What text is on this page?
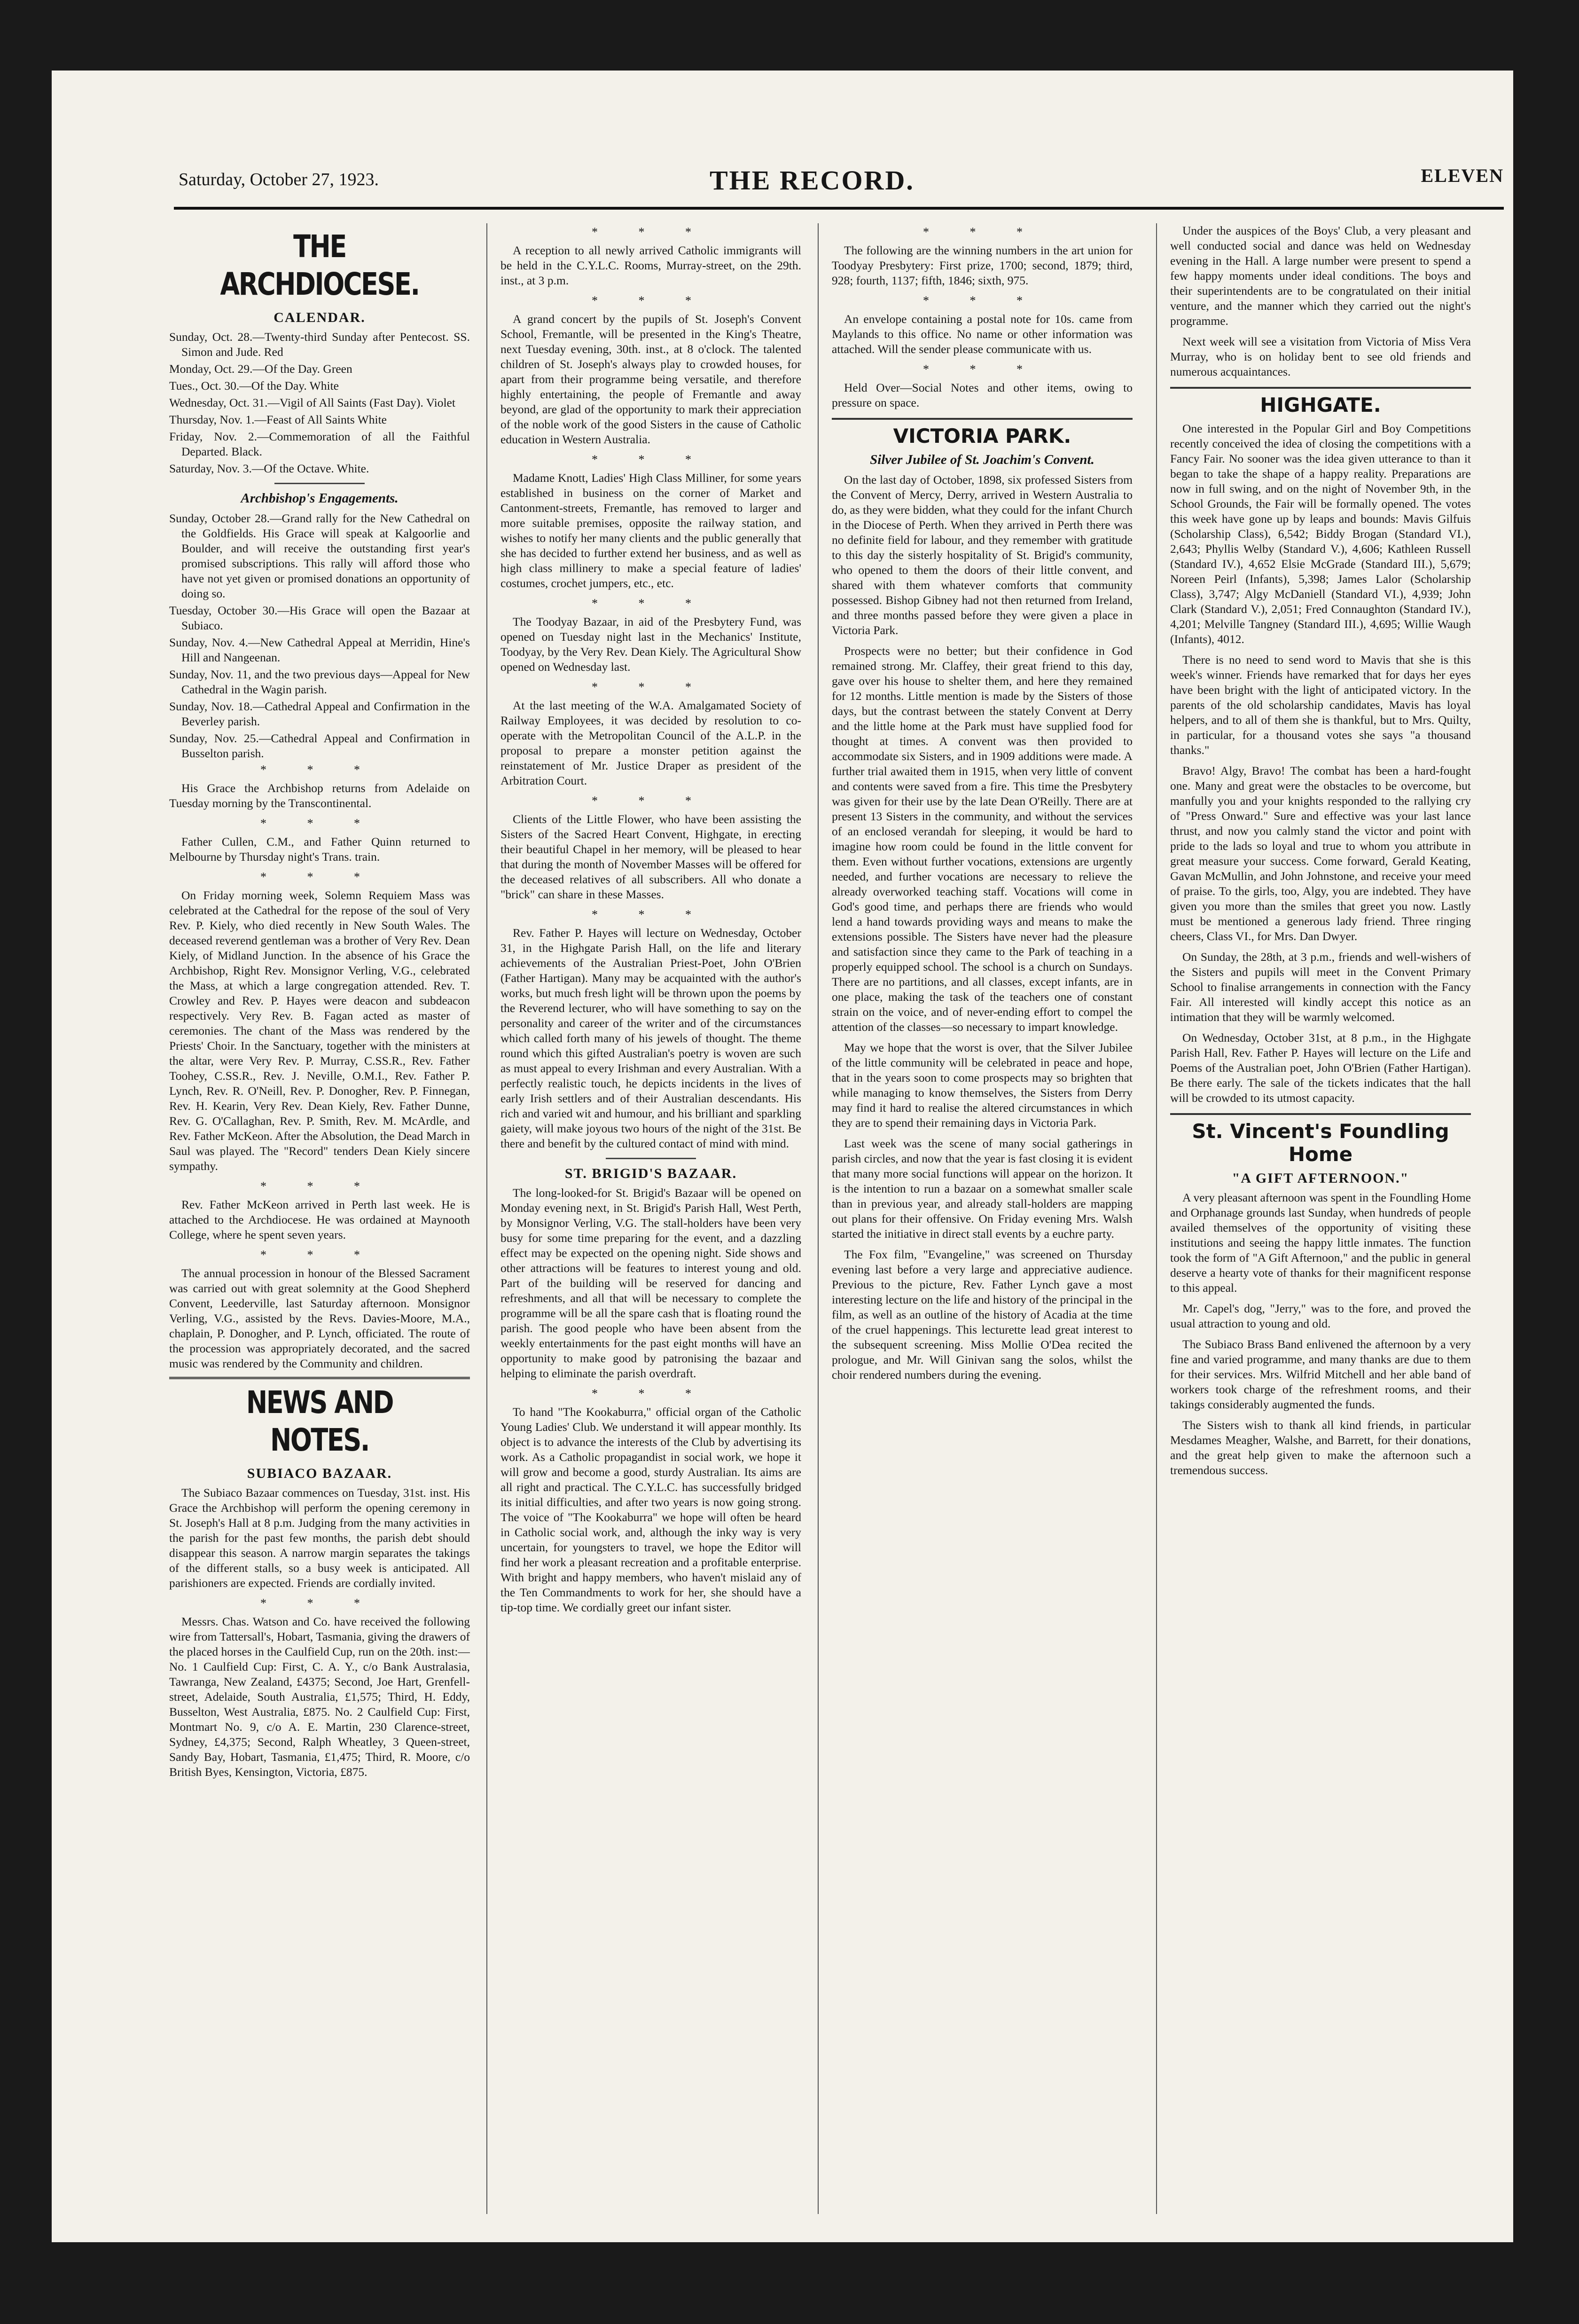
Saturday, October 27, 1923.	THE RECORD.	ELEVEN
THE ARCHDIOCESE.
CALENDAR.

Sunday, Oct. 28.—Twenty-third Sunday after Pentecost. SS. Simon and Jude. Red

Monday, Oct. 29.—Of the Day. Green

Tues., Oct. 30.—Of the Day. White

Wednesday, Oct. 31.—Vigil of All Saints (Fast Day). Violet

Thursday, Nov. 1.—Feast of All Saints White

Friday, Nov. 2.—Commemoration of all the Faithful Departed. Black.

Saturday, Nov. 3.—Of the Octave. White.

Archbishop's Engagements.

Sunday, October 28.—Grand rally for the New Cathedral on the Goldfields. His Grace will speak at Kalgoorlie and Boulder, and will receive the outstanding first year's promised subscriptions. This rally will afford those who have not yet given or promised donations an opportunity of doing so.

Tuesday, October 30.—His Grace will open the Bazaar at Subiaco.

Sunday, Nov. 4.—New Cathedral Appeal at Merridin, Hine's Hill and Nangeenan.

Sunday, Nov. 11, and the two previous days—Appeal for New Cathedral in the Wagin parish.

Sunday, Nov. 18.—Cathedral Appeal and Confirmation in the Beverley parish.

Sunday, Nov. 25.—Cathedral Appeal and Confirmation in Busselton parish.

* * *

His Grace the Archbishop returns from Adelaide on Tuesday morning by the Transcontinental.

* * *

Father Cullen, C.M., and Father Quinn returned to Melbourne by Thursday night's Trans. train.

* * *

On Friday morning week, Solemn Requiem Mass was celebrated at the Cathedral for the repose of the soul of Very Rev. P. Kiely, who died recently in New South Wales. The deceased reverend gentleman was a brother of Very Rev. Dean Kiely, of Midland Junction. In the absence of his Grace the Archbishop, Right Rev. Monsignor Verling, V.G., celebrated the Mass, at which a large congregation attended. Rev. T. Crowley and Rev. P. Hayes were deacon and subdeacon respectively. Very Rev. B. Fagan acted as master of ceremonies. The chant of the Mass was rendered by the Priests' Choir. In the Sanctuary, together with the ministers at the altar, were Very Rev. P. Murray, C.SS.R., Rev. Father Toohey, C.SS.R., Rev. J. Neville, O.M.I., Rev. Father P. Lynch, Rev. R. O'Neill, Rev. P. Donogher, Rev. P. Finnegan, Rev. H. Kearin, Very Rev. Dean Kiely, Rev. Father Dunne, Rev. G. O'Callaghan, Rev. P. Smith, Rev. M. McArdle, and Rev. Father McKeon. After the Absolution, the Dead March in Saul was played. The "Record" tenders Dean Kiely sincere sympathy.

* * *

Rev. Father McKeon arrived in Perth last week. He is attached to the Archdiocese. He was ordained at Maynooth College, where he spent seven years.

* * *

The annual procession in honour of the Blessed Sacrament was carried out with great solemnity at the Good Shepherd Convent, Leederville, last Saturday afternoon. Monsignor Verling, V.G., assisted by the Revs. Davies-Moore, M.A., chaplain, P. Donogher, and P. Lynch, officiated. The route of the procession was appropriately decorated, and the sacred music was rendered by the Community and children.

NEWS AND NOTES.
SUBIACO BAZAAR.

The Subiaco Bazaar commences on Tuesday, 31st. inst. His Grace the Archbishop will perform the opening ceremony in St. Joseph's Hall at 8 p.m. Judging from the many activities in the parish for the past few months, the parish debt should disappear this season. A narrow margin separates the takings of the different stalls, so a busy week is anticipated. All parishioners are expected. Friends are cordially invited.

* * *

Messrs. Chas. Watson and Co. have received the following wire from Tattersall's, Hobart, Tasmania, giving the drawers of the placed horses in the Caulfield Cup, run on the 20th. inst:— No. 1 Caulfield Cup: First, C. A. Y., c/o Bank Australasia, Tawranga, New Zealand, £4375; Second, Joe Hart, Grenfell-street, Adelaide, South Australia, £1,575; Third, H. Eddy, Busselton, West Australia, £875. No. 2 Caulfield Cup: First, Montmart No. 9, c/o A. E. Martin, 230 Clarence-street, Sydney, £4,375; Second, Ralph Wheatley, 3 Queen-street, Sandy Bay, Hobart, Tasmania, £1,475; Third, R. Moore, c/o British Byes, Kensington, Victoria, £875.

* * *

A reception to all newly arrived Catholic immigrants will be held in the C.Y.L.C. Rooms, Murray-street, on the 29th. inst., at 3 p.m.

* * *

A grand concert by the pupils of St. Joseph's Convent School, Fremantle, will be presented in the King's Theatre, next Tuesday evening, 30th. inst., at 8 o'clock. The talented children of St. Joseph's always play to crowded houses, for apart from their programme being versatile, and therefore highly entertaining, the people of Fremantle and away beyond, are glad of the opportunity to mark their appreciation of the noble work of the good Sisters in the cause of Catholic education in Western Australia.

* * *

Madame Knott, Ladies' High Class Milliner, for some years established in business on the corner of Market and Cantonment-streets, Fremantle, has removed to larger and more suitable premises, opposite the railway station, and wishes to notify her many clients and the public generally that she has decided to further extend her business, and as well as high class millinery to make a special feature of ladies' costumes, crochet jumpers, etc., etc.

* * *

The Toodyay Bazaar, in aid of the Presbytery Fund, was opened on Tuesday night last in the Mechanics' Institute, Toodyay, by the Very Rev. Dean Kiely. The Agricultural Show opened on Wednesday last.

* * *

At the last meeting of the W.A. Amalgamated Society of Railway Employees, it was decided by resolution to co-operate with the Metropolitan Council of the A.L.P. in the proposal to prepare a monster petition against the reinstatement of Mr. Justice Draper as president of the Arbitration Court.

* * *

Clients of the Little Flower, who have been assisting the Sisters of the Sacred Heart Convent, Highgate, in erecting their beautiful Chapel in her memory, will be pleased to hear that during the month of November Masses will be offered for the deceased relatives of all subscribers. All who donate a "brick" can share in these Masses.

* * *

Rev. Father P. Hayes will lecture on Wednesday, October 31, in the Highgate Parish Hall, on the life and literary achievements of the Australian Priest-Poet, John O'Brien (Father Hartigan). Many may be acquainted with the author's works, but much fresh light will be thrown upon the poems by the Reverend lecturer, who will have something to say on the personality and career of the writer and of the circumstances which called forth many of his jewels of thought. The theme round which this gifted Australian's poetry is woven are such as must appeal to every Irishman and every Australian. With a perfectly realistic touch, he depicts incidents in the lives of early Irish settlers and of their Australian descendants. His rich and varied wit and humour, and his brilliant and sparkling gaiety, will make joyous two hours of the night of the 31st. Be there and benefit by the cultured contact of mind with mind.

ST. BRIGID'S BAZAAR.

The long-looked-for St. Brigid's Bazaar will be opened on Monday evening next, in St. Brigid's Parish Hall, West Perth, by Monsignor Verling, V.G. The stall-holders have been very busy for some time preparing for the event, and a dazzling effect may be expected on the opening night. Side shows and other attractions will be features to interest young and old. Part of the building will be reserved for dancing and refreshments, and all that will be necessary to complete the programme will be all the spare cash that is floating round the parish. The good people who have been absent from the weekly entertainments for the past eight months will have an opportunity to make good by patronising the bazaar and helping to eliminate the parish overdraft.

* * *

To hand "The Kookaburra," official organ of the Catholic Young Ladies' Club. We understand it will appear monthly. Its object is to advance the interests of the Club by advertising its work. As a Catholic propagandist in social work, we hope it will grow and become a good, sturdy Australian. Its aims are all right and practical. The C.Y.L.C. has successfully bridged its initial difficulties, and after two years is now going strong. The voice of "The Kookaburra" we hope will often be heard in Catholic social work, and, although the inky way is very uncertain, for youngsters to travel, we hope the Editor will find her work a pleasant recreation and a profitable enterprise. With bright and happy members, who haven't mislaid any of the Ten Commandments to work for her, she should have a tip-top time. We cordially greet our infant sister.

* * *

The following are the winning numbers in the art union for Toodyay Presbytery: First prize, 1700; second, 1879; third, 928; fourth, 1137; fifth, 1846; sixth, 975.

* * *

An envelope containing a postal note for 10s. came from Maylands to this office. No name or other information was attached. Will the sender please communicate with us.

* * *

Held Over—Social Notes and other items, owing to pressure on space.

VICTORIA PARK.
Silver Jubilee of St. Joachim's Convent.

On the last day of October, 1898, six professed Sisters from the Convent of Mercy, Derry, arrived in Western Australia to do, as they were bidden, what they could for the infant Church in the Diocese of Perth. When they arrived in Perth there was no definite field for labour, and they remember with gratitude to this day the sisterly hospitality of St. Brigid's community, who opened to them the doors of their little convent, and shared with them whatever comforts that community possessed. Bishop Gibney had not then returned from Ireland, and three months passed before they were given a place in Victoria Park.

Prospects were no better; but their confidence in God remained strong. Mr. Claffey, their great friend to this day, gave over his house to shelter them, and here they remained for 12 months. Little mention is made by the Sisters of those days, but the contrast between the stately Convent at Derry and the little home at the Park must have supplied food for thought at times. A convent was then provided to accommodate six Sisters, and in 1909 additions were made. A further trial awaited them in 1915, when very little of convent and contents were saved from a fire. This time the Presbytery was given for their use by the late Dean O'Reilly. There are at present 13 Sisters in the community, and without the services of an enclosed verandah for sleeping, it would be hard to imagine how room could be found in the little convent for them. Even without further vocations, extensions are urgently needed, and further vocations are necessary to relieve the already overworked teaching staff. Vocations will come in God's good time, and perhaps there are friends who would lend a hand towards providing ways and means to make the extensions possible. The Sisters have never had the pleasure and satisfaction since they came to the Park of teaching in a properly equipped school. The school is a church on Sundays. There are no partitions, and all classes, except infants, are in one place, making the task of the teachers one of constant strain on the voice, and of never-ending effort to compel the attention of the classes—so necessary to impart knowledge.

May we hope that the worst is over, that the Silver Jubilee of the little community will be celebrated in peace and hope, that in the years soon to come prospects may so brighten that while managing to know themselves, the Sisters from Derry may find it hard to realise the altered circumstances in which they are to spend their remaining days in Victoria Park.

Last week was the scene of many social gatherings in parish circles, and now that the year is fast closing it is evident that many more social functions will appear on the horizon. It is the intention to run a bazaar on a somewhat smaller scale than in previous year, and already stall-holders are mapping out plans for their offensive. On Friday evening Mrs. Walsh started the initiative in direct stall events by a euchre party.

The Fox film, "Evangeline," was screened on Thursday evening last before a very large and appreciative audience. Previous to the picture, Rev. Father Lynch gave a most interesting lecture on the life and history of the principal in the film, as well as an outline of the history of Acadia at the time of the cruel happenings. This lecturette lead great interest to the subsequent screening. Miss Mollie O'Dea recited the prologue, and Mr. Will Ginivan sang the solos, whilst the choir rendered numbers during the evening.

Under the auspices of the Boys' Club, a very pleasant and well conducted social and dance was held on Wednesday evening in the Hall. A large number were present to spend a few happy moments under ideal conditions. The boys and their superintendents are to be congratulated on their initial venture, and the manner which they carried out the night's programme.

Next week will see a visitation from Victoria of Miss Vera Murray, who is on holiday bent to see old friends and numerous acquaintances.

HIGHGATE.

One interested in the Popular Girl and Boy Competitions recently conceived the idea of closing the competitions with a Fancy Fair. No sooner was the idea given utterance to than it began to take the shape of a happy reality. Preparations are now in full swing, and on the night of November 9th, in the School Grounds, the Fair will be formally opened. The votes this week have gone up by leaps and bounds: Mavis Gilfuis (Scholarship Class), 6,542; Biddy Brogan (Standard VI.), 2,643; Phyllis Welby (Standard V.), 4,606; Kathleen Russell (Standard IV.), 4,652 Elsie McGrade (Standard III.), 5,679; Noreen Peirl (Infants), 5,398; James Lalor (Scholarship Class), 3,747; Algy McDaniell (Standard VI.), 4,939; John Clark (Standard V.), 2,051; Fred Connaughton (Standard IV.), 4,201; Melville Tangney (Standard III.), 4,695; Willie Waugh (Infants), 4012.

There is no need to send word to Mavis that she is this week's winner. Friends have remarked that for days her eyes have been bright with the light of anticipated victory. In the parents of the old scholarship candidates, Mavis has loyal helpers, and to all of them she is thankful, but to Mrs. Quilty, in particular, for a thousand votes she says "a thousand thanks."

Bravo! Algy, Bravo! The combat has been a hard-fought one. Many and great were the obstacles to be overcome, but manfully you and your knights responded to the rallying cry of "Press Onward." Sure and effective was your last lance thrust, and now you calmly stand the victor and point with pride to the lads so loyal and true to whom you attribute in great measure your success. Come forward, Gerald Keating, Gavan McMullin, and John Johnstone, and receive your meed of praise. To the girls, too, Algy, you are indebted. They have given you more than the smiles that greet you now. Lastly must be mentioned a generous lady friend. Three ringing cheers, Class VI., for Mrs. Dan Dwyer.

On Sunday, the 28th, at 3 p.m., friends and well-wishers of the Sisters and pupils will meet in the Convent Primary School to finalise arrangements in connection with the Fancy Fair. All interested will kindly accept this notice as an intimation that they will be warmly welcomed.

On Wednesday, October 31st, at 8 p.m., in the Highgate Parish Hall, Rev. Father P. Hayes will lecture on the Life and Poems of the Australian poet, John O'Brien (Father Hartigan). Be there early. The sale of the tickets indicates that the hall will be crowded to its utmost capacity.

St. Vincent's Foundling Home
"A GIFT AFTERNOON."

A very pleasant afternoon was spent in the Foundling Home and Orphanage grounds last Sunday, when hundreds of people availed themselves of the opportunity of visiting these institutions and seeing the happy little inmates. The function took the form of "A Gift Afternoon," and the public in general deserve a hearty vote of thanks for their magnificent response to this appeal.

Mr. Capel's dog, "Jerry," was to the fore, and proved the usual attraction to young and old.

The Subiaco Brass Band enlivened the afternoon by a very fine and varied programme, and many thanks are due to them for their services. Mrs. Wilfrid Mitchell and her able band of workers took charge of the refreshment rooms, and their takings considerably augmented the funds.

The Sisters wish to thank all kind friends, in particular Mesdames Meagher, Walshe, and Barrett, for their donations, and the great help given to make the afternoon such a tremendous success.
